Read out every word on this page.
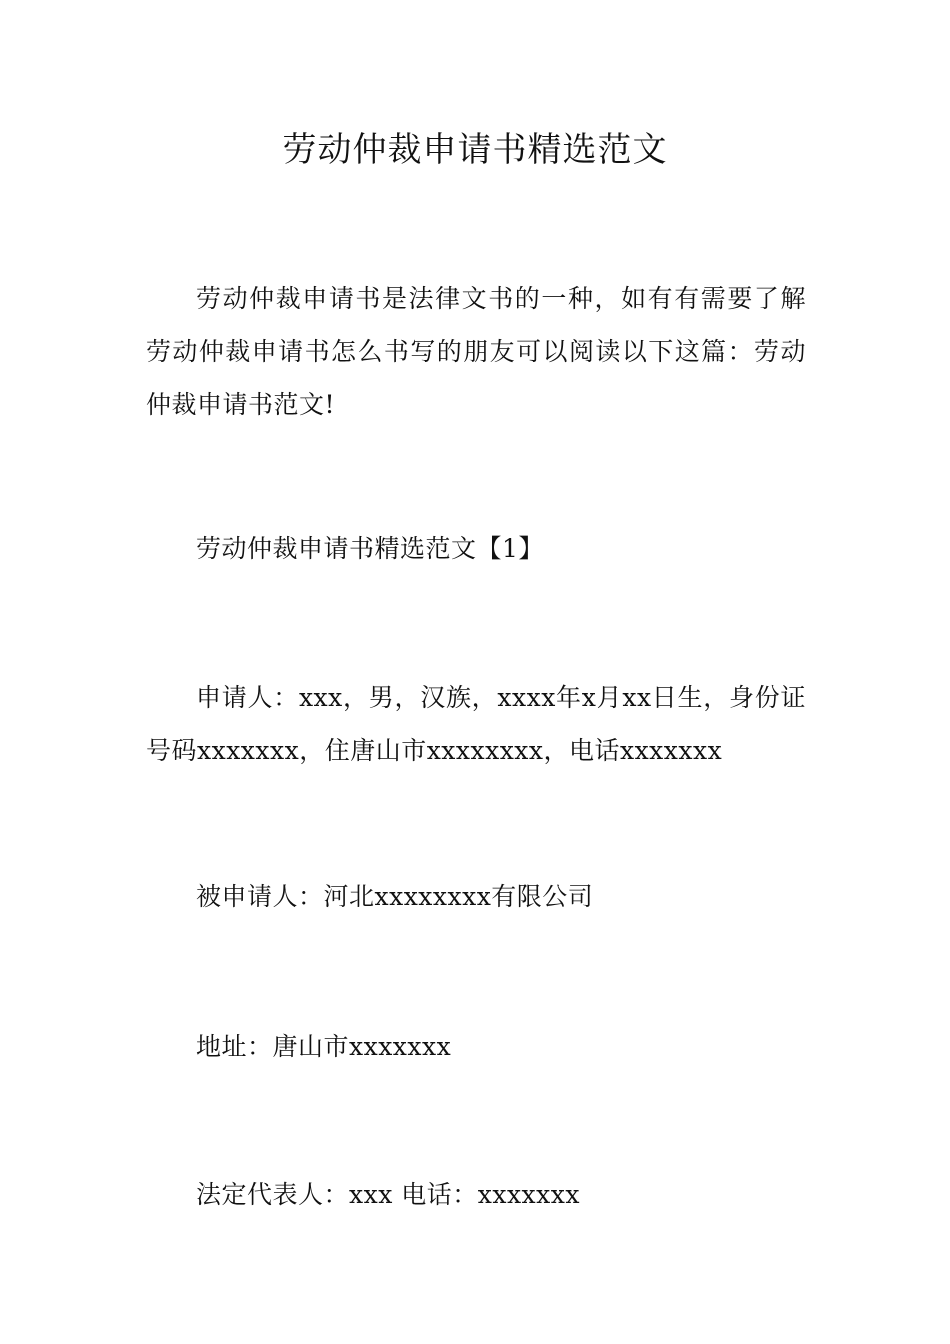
劳动仲裁申请书精选范文
劳动仲裁申请书是法律文书的一种，如有有需要了解劳动仲裁申请书怎么书写的朋友可以阅读以下这篇：劳动仲裁申请书范文!
劳动仲裁申请书精选范文【1】
申请人：xxx，男，汉族，xxxx年x月xx日生，身份证号码xxxxxxx，住唐山市xxxxxxxx，电话xxxxxxx
被申请人：河北xxxxxxxx有限公司
地址：唐山市xxxxxxx
法定代表人：xxx 电话：xxxxxxx
